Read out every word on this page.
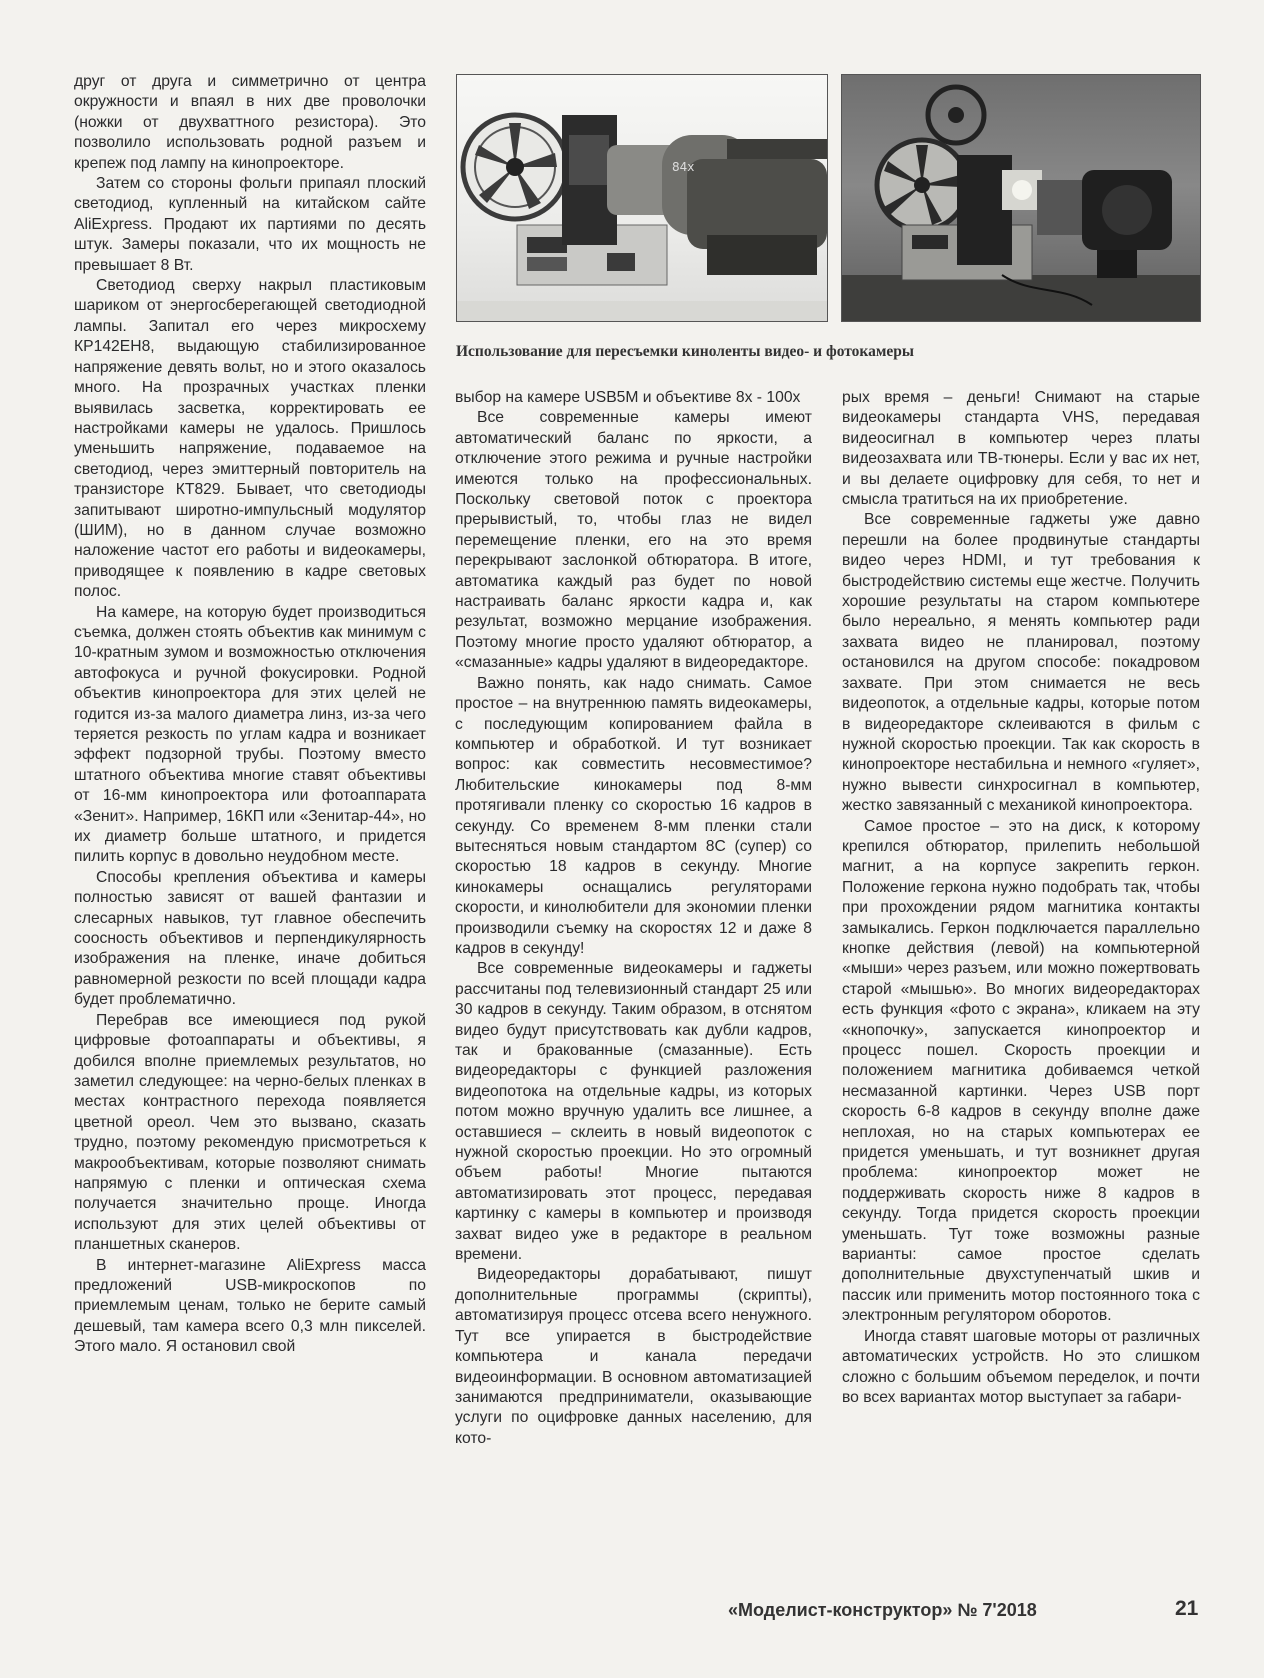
друг от друга и симметрично от центра окружности и впаял в них две проволочки (ножки от двухваттного резистора). Это позволило использовать родной разъем и крепеж под лампу на кинопроекторе.

Затем со стороны фольги припаял плоский светодиод, купленный на китайском сайте AliExpress. Продают их партиями по десять штук. Замеры показали, что их мощность не превышает 8 Вт.

Светодиод сверху накрыл пластиковым шариком от энергосберегающей светодиодной лампы. Запитал его через микросхему КР142ЕН8, выдающую стабилизированное напряжение девять вольт, но и этого оказалось много. На прозрачных участках пленки выявилась засветка, корректировать ее настройками камеры не удалось. Пришлось уменьшить напряжение, подаваемое на светодиод, через эмиттерный повторитель на транзисторе КТ829. Бывает, что светодиоды запитывают широтно-импульсный модулятор (ШИМ), но в данном случае возможно наложение частот его работы и видеокамеры, приводящее к появлению в кадре световых полос.

На камере, на которую будет производиться съемка, должен стоять объектив как минимум с 10-кратным зумом и возможностью отключения автофокуса и ручной фокусировки. Родной объектив кинопроектора для этих целей не годится из-за малого диаметра линз, из-за чего теряется резкость по углам кадра и возникает эффект подзорной трубы. Поэтому вместо штатного объектива многие ставят объективы от 16-мм кинопроектора или фотоаппарата «Зенит». Например, 16КП или «Зенитар-44», но их диаметр больше штатного, и придется пилить корпус в довольно неудобном месте.

Способы крепления объектива и камеры полностью зависят от вашей фантазии и слесарных навыков, тут главное обеспечить соосность объективов и перпендикулярность изображения на пленке, иначе добиться равномерной резкости по всей площади кадра будет проблематично.

Перебрав все имеющиеся под рукой цифровые фотоаппараты и объективы, я добился вполне приемлемых результатов, но заметил следующее: на черно-белых пленках в местах контрастного перехода появляется цветной ореол. Чем это вызвано, сказать трудно, поэтому рекомендую присмотреться к макрообъективам, которые позволяют снимать напрямую с пленки и оптическая схема получается значительно проще. Иногда используют для этих целей объективы от планшетных сканеров.

В интернет-магазине AliExpress масса предложений USB-микроскопов по приемлемым ценам, только не берите самый дешевый, там камера всего 0,3 млн пикселей. Этого мало. Я остановил свой

84x
Использование для пересъемки киноленты видео- и фотокамеры

выбор на камере USB5M и объективе 8x - 100x

Все современные камеры имеют автоматический баланс по яркости, а отключение этого режима и ручные настройки имеются только на профессиональных. Поскольку световой поток с проектора прерывистый, то, чтобы глаз не видел перемещение пленки, его на это время перекрывают заслонкой обтюратора. В итоге, автоматика каждый раз будет по новой настраивать баланс яркости кадра и, как результат, возможно мерцание изображения. Поэтому многие просто удаляют обтюратор, а «смазанные» кадры удаляют в видеоредакторе.

Важно понять, как надо снимать. Самое простое – на внутреннюю память видеокамеры, с последующим копированием файла в компьютер и обработкой. И тут возникает вопрос: как совместить несовместимое? Любительские кинокамеры под 8-мм протягивали пленку со скоростью 16 кадров в секунду. Со временем 8-мм пленки стали вытесняться новым стандартом 8С (супер) со скоростью 18 кадров в секунду. Многие кинокамеры оснащались регуляторами скорости, и кинолюбители для экономии пленки производили съемку на скоростях 12 и даже 8 кадров в секунду!

Все современные видеокамеры и гаджеты рассчитаны под телевизионный стандарт 25 или 30 кадров в секунду. Таким образом, в отснятом видео будут присутствовать как дубли кадров, так и бракованные (смазанные). Есть видеоредакторы с функцией разложения видеопотока на отдельные кадры, из которых потом можно вручную удалить все лишнее, а оставшиеся – склеить в новый видеопоток с нужной скоростью проекции. Но это огромный объем работы! Многие пытаются автоматизировать этот процесс, передавая картинку с камеры в компьютер и производя захват видео уже в редакторе в реальном времени.

Видеоредакторы дорабатывают, пишут дополнительные программы (скрипты), автоматизируя процесс отсева всего ненужного. Тут все упирается в быстродействие компьютера и канала передачи видеоинформации. В основном автоматизацией занимаются предприниматели, оказывающие услуги по оцифровке данных населению, для кото-

рых время – деньги! Снимают на старые видеокамеры стандарта VHS, передавая видеосигнал в компьютер через платы видеозахвата или ТВ-тюнеры. Если у вас их нет, и вы делаете оцифровку для себя, то нет и смысла тратиться на их приобретение.

Все современные гаджеты уже давно перешли на более продвинутые стандарты видео через HDMI, и тут требования к быстродействию системы еще жестче. Получить хорошие результаты на старом компьютере было нереально, я менять компьютер ради захвата видео не планировал, поэтому остановился на другом способе: покадровом захвате. При этом снимается не весь видеопоток, а отдельные кадры, которые потом в видеоредакторе склеиваются в фильм с нужной скоростью проекции. Так как скорость в кинопроекторе нестабильна и немного «гуляет», нужно вывести синхросигнал в компьютер, жестко завязанный с механикой кинопроектора.

Самое простое – это на диск, к которому крепился обтюратор, прилепить небольшой магнит, а на корпусе закрепить геркон. Положение геркона нужно подобрать так, чтобы при прохождении рядом магнитика контакты замыкались. Геркон подключается параллельно кнопке действия (левой) на компьютерной «мыши» через разъем, или можно пожертвовать старой «мышью». Во многих видеоредакторах есть функция «фото с экрана», кликаем на эту «кнопочку», запускается кинопроектор и процесс пошел. Скорость проекции и положением магнитика добиваемся четкой несмазанной картинки. Через USB порт скорость 6-8 кадров в секунду вполне даже неплохая, но на старых компьютерах ее придется уменьшать, и тут возникнет другая проблема: кинопроектор может не поддерживать скорость ниже 8 кадров в секунду. Тогда придется скорость проекции уменьшать. Тут тоже возможны разные варианты: самое простое сделать дополнительные двухступенчатый шкив и пассик или применить мотор постоянного тока с электронным регулятором оборотов.

Иногда ставят шаговые моторы от различных автоматических устройств. Но это слишком сложно с большим объемом переделок, и почти во всех вариантах мотор выступает за габари-

«Моделист-конструктор» № 7'2018	21
